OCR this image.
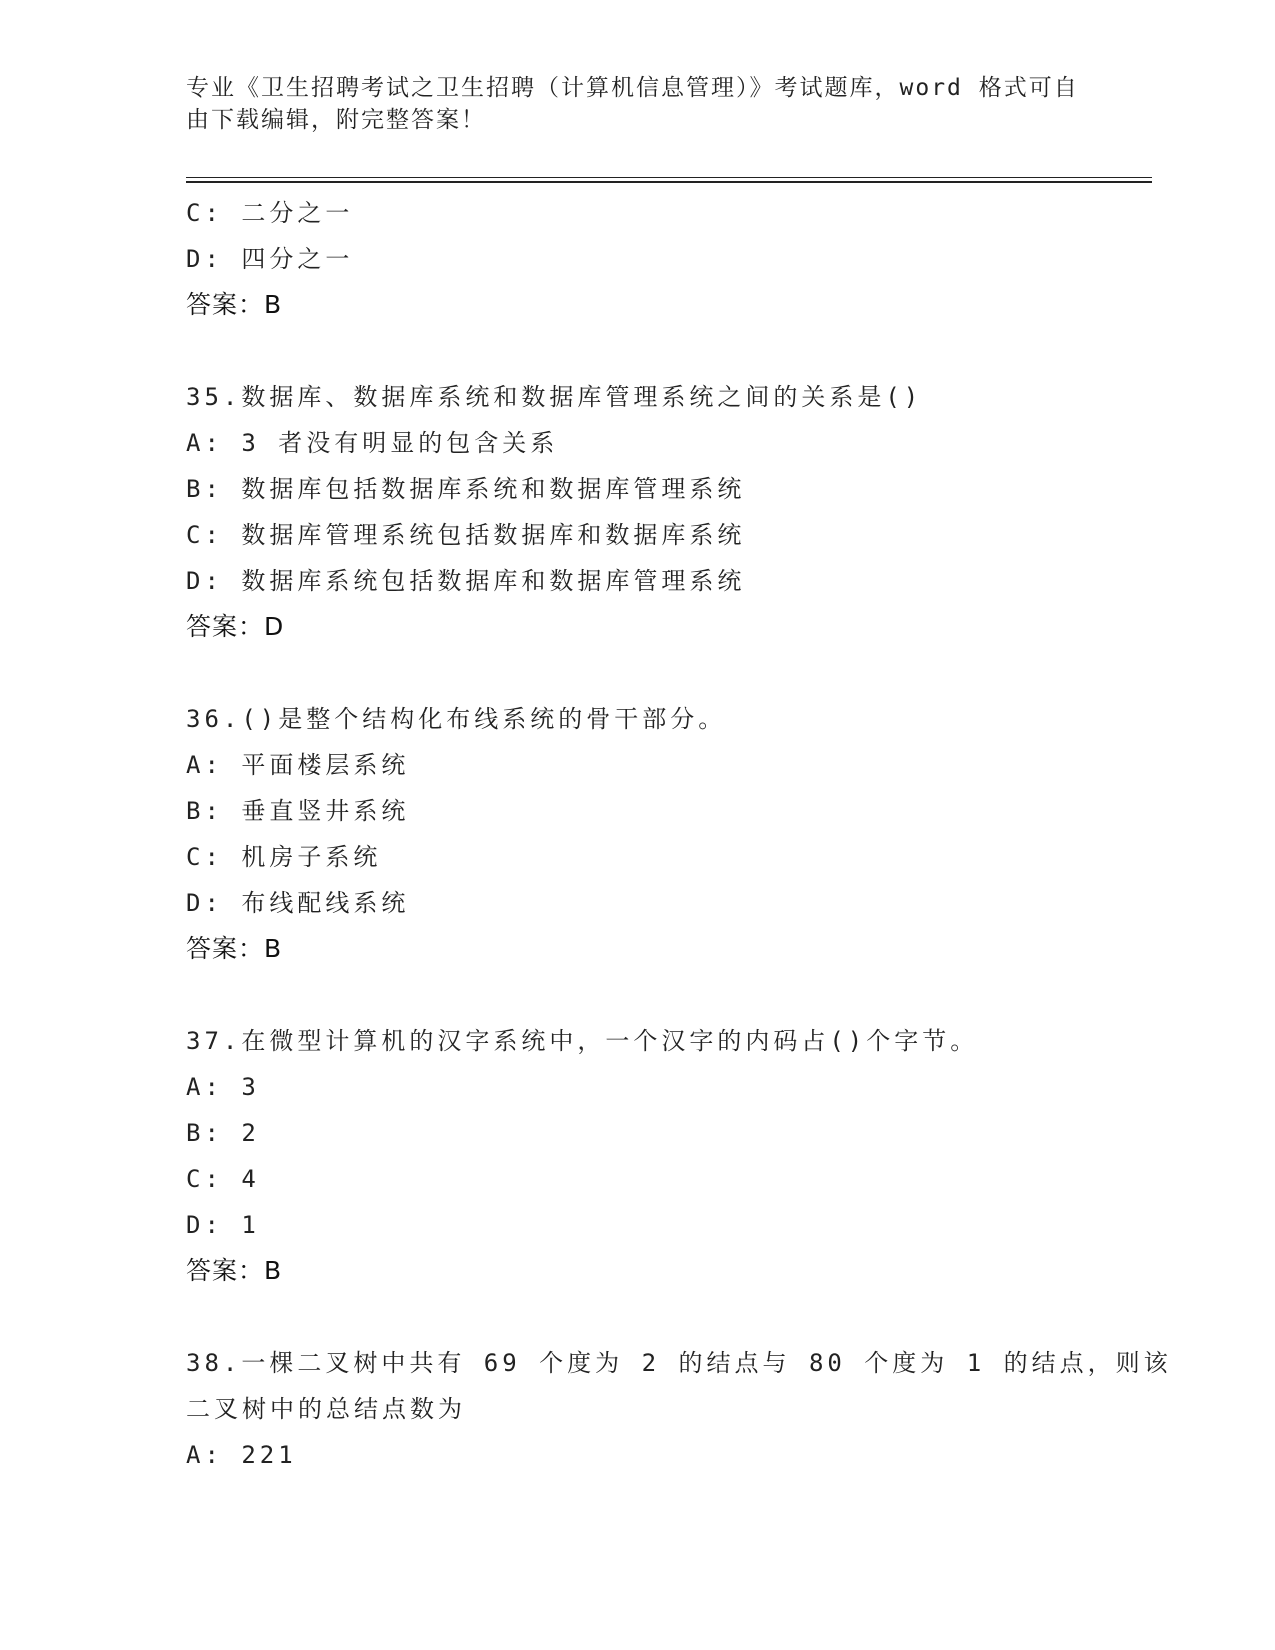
专业《卫生招聘考试之卫生招聘（计算机信息管理）》考试题库，word 格式可自
由下载编辑，附完整答案！
C: 二分之一
D: 四分之一
答案：B
35.数据库、数据库系统和数据库管理系统之间的关系是()
A: 3 者没有明显的包含关系
B: 数据库包括数据库系统和数据库管理系统
C: 数据库管理系统包括数据库和数据库系统
D: 数据库系统包括数据库和数据库管理系统
答案：D
36.()是整个结构化布线系统的骨干部分。
A: 平面楼层系统
B: 垂直竖井系统
C: 机房子系统
D: 布线配线系统
答案：B
37.在微型计算机的汉字系统中，一个汉字的内码占()个字节。
A: 3
B: 2
C: 4
D: 1
答案：B
38.一棵二叉树中共有 69 个度为 2 的结点与 80 个度为 1 的结点，则该
二叉树中的总结点数为
A: 221
